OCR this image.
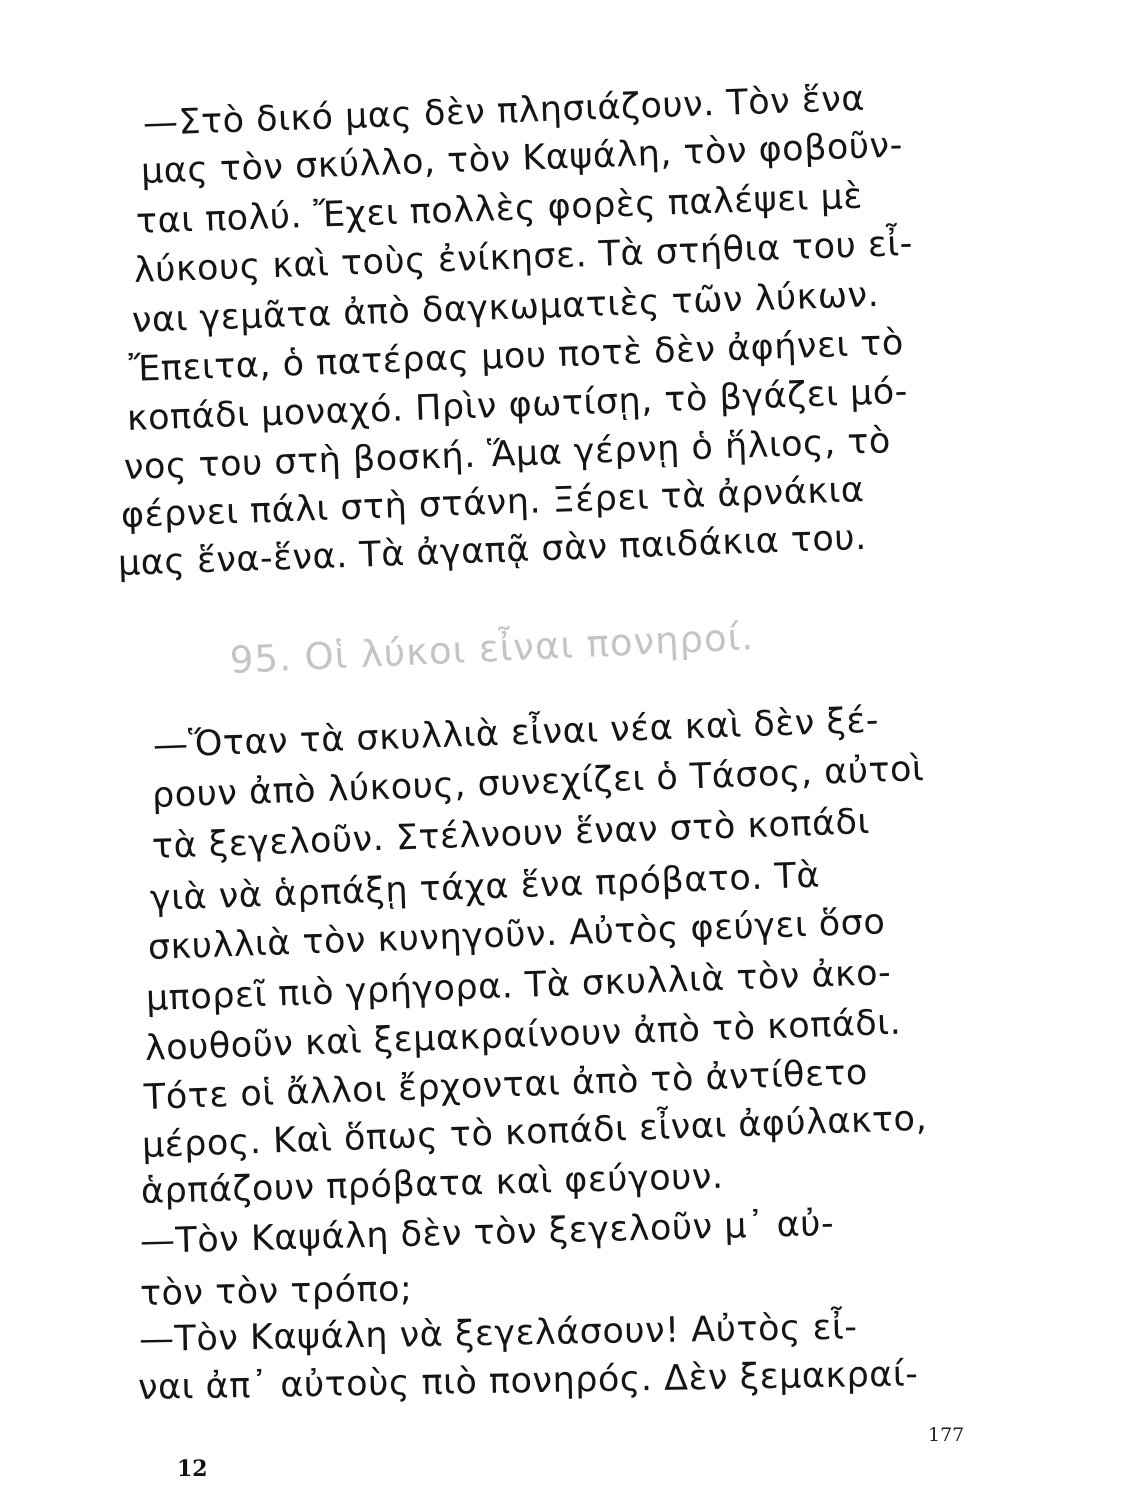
—Στὸ δικό μας δὲν πλησιάζουν. Τὸν ἕνα
μας τὸν σκύλλο, τὸν Καψάλη, τὸν φοβοῦν-
ται πολύ. Ἔχει πολλὲς φορὲς παλέψει μὲ
λύκους καὶ τοὺς ἐνίκησε. Τὰ στήθια του εἶ-
ναι γεμᾶτα ἀπὸ δαγκωματιὲς τῶν λύκων.
Ἔπειτα, ὁ πατέρας μου ποτὲ δὲν ἀφήνει τὸ
κοπάδι μοναχό. Πρὶν φωτίσῃ, τὸ βγάζει μό-
νος του στὴ βοσκή. Ἅμα γέρνῃ ὁ ἥλιος, τὸ
φέρνει πάλι στὴ στάνη. Ξέρει τὰ ἀρνάκια
μας ἕνα-ἕνα. Τὰ ἀγαπᾷ σὰν παιδάκια του.
95. Οἱ λύκοι εἶναι πονηροί.
—Ὅταν τὰ σκυλλιὰ εἶναι νέα καὶ δὲν ξέ-
ρουν ἀπὸ λύκους, συνεχίζει ὁ Τάσος, αὐτοὶ
τὰ ξεγελοῦν. Στέλνουν ἕναν στὸ κοπάδι
γιὰ νὰ ἁρπάξῃ τάχα ἕνα πρόβατο. Τὰ
σκυλλιὰ τὸν κυνηγοῦν. Αὐτὸς φεύγει ὅσο
μπορεῖ πιὸ γρήγορα. Τὰ σκυλλιὰ τὸν ἀκο-
λουθοῦν καὶ ξεμακραίνουν ἀπὸ τὸ κοπάδι.
Τότε οἱ ἄλλοι ἔρχονται ἀπὸ τὸ ἀντίθετο
μέρος. Καὶ ὅπως τὸ κοπάδι εἶναι ἀφύλακτο,
ἁρπάζουν πρόβατα καὶ φεύγουν.
—Τὸν Καψάλη δὲν τὸν ξεγελοῦν μ᾿ αὐ-
τὸν τὸν τρόπο;
—Τὸν Καψάλη νὰ ξεγελάσουν! Αὐτὸς εἶ-
ναι ἀπ᾿ αὐτοὺς πιὸ πονηρός. Δὲν ξεμακραί-
177
12
